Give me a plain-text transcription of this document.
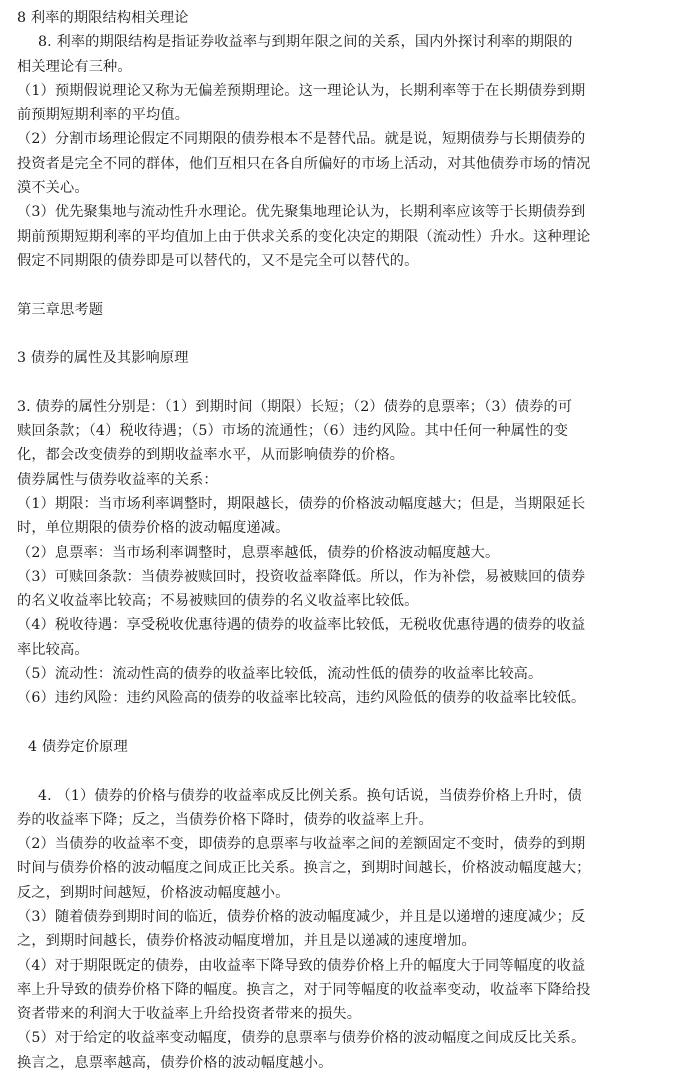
8 利率的期限结构相关理论
8. 利率的期限结构是指证券收益率与到期年限之间的关系，国内外探讨利率的期限的
相关理论有三种。
（1）预期假说理论又称为无偏差预期理论。这一理论认为，长期利率等于在长期债券到期
前预期短期利率的平均值。
（2）分割市场理论假定不同期限的债券根本不是替代品。就是说，短期债券与长期债券的
投资者是完全不同的群体，他们互相只在各自所偏好的市场上活动，对其他债券市场的情况
漠不关心。
（3）优先聚集地与流动性升水理论。优先聚集地理论认为，长期利率应该等于长期债券到
期前预期短期利率的平均值加上由于供求关系的变化决定的期限（流动性）升水。这种理论
假定不同期限的债券即是可以替代的，又不是完全可以替代的。
第三章思考题
3 债券的属性及其影响原理
3. 债券的属性分别是：（1）到期时间（期限）长短；（2）债券的息票率；（3）债券的可
赎回条款；（4）税收待遇；（5）市场的流通性；（6）违约风险。其中任何一种属性的变
化，都会改变债券的到期收益率水平，从而影响债券的价格。
债券属性与债券收益率的关系：
（1）期限：当市场利率调整时，期限越长，债券的价格波动幅度越大；但是，当期限延长
时，单位期限的债券价格的波动幅度递减。
（2）息票率：当市场利率调整时，息票率越低，债券的价格波动幅度越大。
（3）可赎回条款：当债券被赎回时，投资收益率降低。所以，作为补偿，易被赎回的债券
的名义收益率比较高；不易被赎回的债券的名义收益率比较低。
（4）税收待遇：享受税收优惠待遇的债券的收益率比较低，无税收优惠待遇的债券的收益
率比较高。
（5）流动性：流动性高的债券的收益率比较低，流动性低的债券的收益率比较高。
（6）违约风险：违约风险高的债券的收益率比较高，违约风险低的债券的收益率比较低。
4 债券定价原理
4. （1）债券的价格与债券的收益率成反比例关系。换句话说，当债券价格上升时，债
券的收益率下降；反之，当债券价格下降时，债券的收益率上升。
（2）当债券的收益率不变，即债券的息票率与收益率之间的差额固定不变时，债券的到期
时间与债券价格的波动幅度之间成正比关系。换言之，到期时间越长，价格波动幅度越大；
反之，到期时间越短，价格波动幅度越小。
（3）随着债券到期时间的临近，债券价格的波动幅度减少，并且是以递增的速度减少；反
之，到期时间越长，债券价格波动幅度增加，并且是以递减的速度增加。
（4）对于期限既定的债券，由收益率下降导致的债券价格上升的幅度大于同等幅度的收益
率上升导致的债券价格下降的幅度。换言之，对于同等幅度的收益率变动，收益率下降给投
资者带来的利润大于收益率上升给投资者带来的损失。
（5）对于给定的收益率变动幅度，债券的息票率与债券价格的波动幅度之间成反比关系。
换言之，息票率越高，债券价格的波动幅度越小。
